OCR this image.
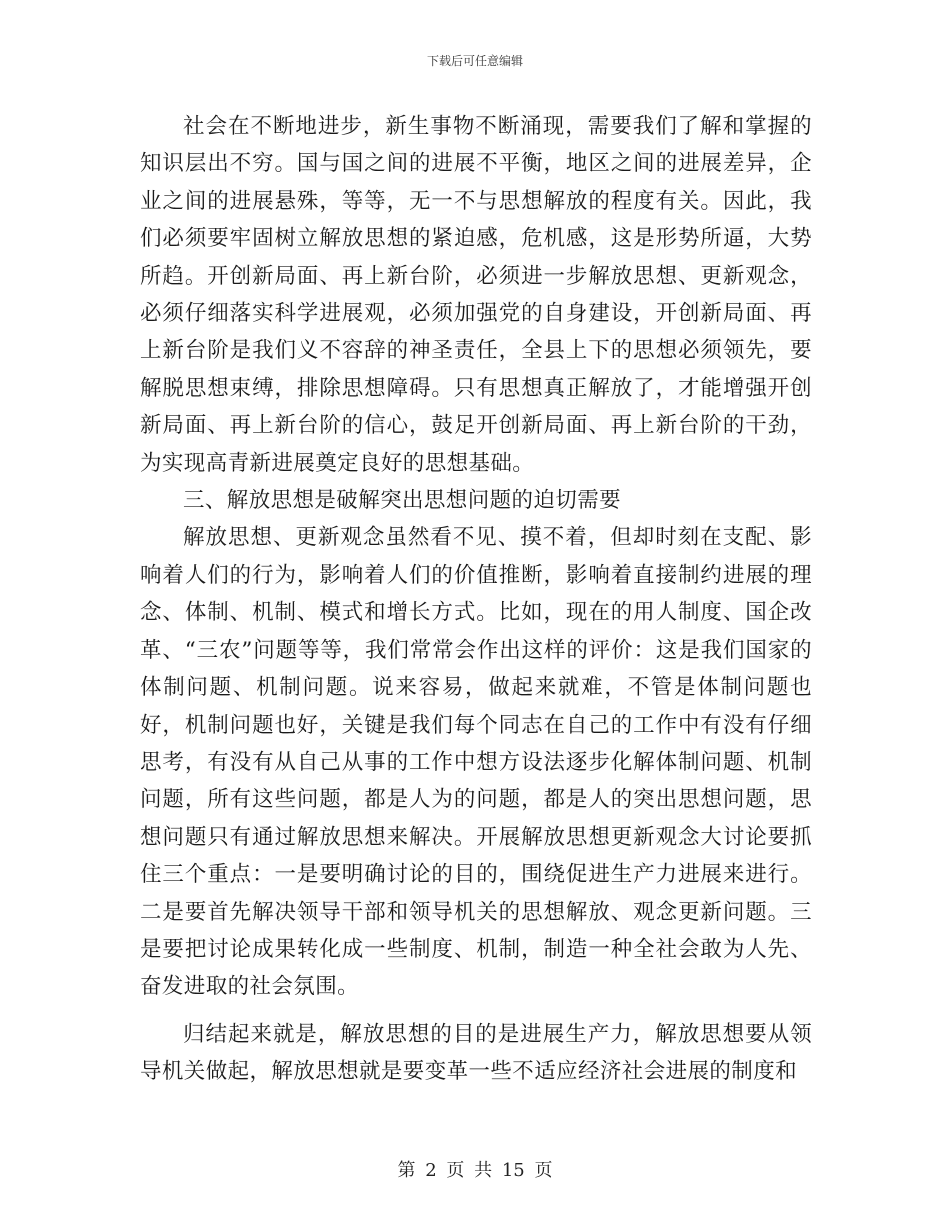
下载后可任意编辑

社会在不断地进步，新生事物不断涌现，需要我们了解和掌握的知识层出不穷。国与国之间的进展不平衡，地区之间的进展差异，企业之间的进展悬殊，等等，无一不与思想解放的程度有关。因此，我们必须要牢固树立解放思想的紧迫感，危机感，这是形势所逼，大势所趋。开创新局面、再上新台阶，必须进一步解放思想、更新观念，必须仔细落实科学进展观，必须加强党的自身建设，开创新局面、再上新台阶是我们义不容辞的神圣责任，全县上下的思想必须领先，要解脱思想束缚，排除思想障碍。只有思想真正解放了，才能增强开创新局面、再上新台阶的信心，鼓足开创新局面、再上新台阶的干劲，为实现高青新进展奠定良好的思想基础。

三、解放思想是破解突出思想问题的迫切需要

解放思想、更新观念虽然看不见、摸不着，但却时刻在支配、影响着人们的行为，影响着人们的价值推断，影响着直接制约进展的理念、体制、机制、模式和增长方式。比如，现在的用人制度、国企改革、“三农”问题等等，我们常常会作出这样的评价：这是我们国家的体制问题、机制问题。说来容易，做起来就难，不管是体制问题也好，机制问题也好，关键是我们每个同志在自己的工作中有没有仔细思考，有没有从自己从事的工作中想方设法逐步化解体制问题、机制问题，所有这些问题，都是人为的问题，都是人的突出思想问题，思想问题只有通过解放思想来解决。开展解放思想更新观念大讨论要抓住三个重点：一是要明确讨论的目的，围绕促进生产力进展来进行。二是要首先解决领导干部和领导机关的思想解放、观念更新问题。三是要把讨论成果转化成一些制度、机制，制造一种全社会敢为人先、奋发进取的社会氛围。

归结起来就是，解放思想的目的是进展生产力，解放思想要从领导机关做起，解放思想就是要变革一些不适应经济社会进展的制度和

第 2 页 共 15 页
